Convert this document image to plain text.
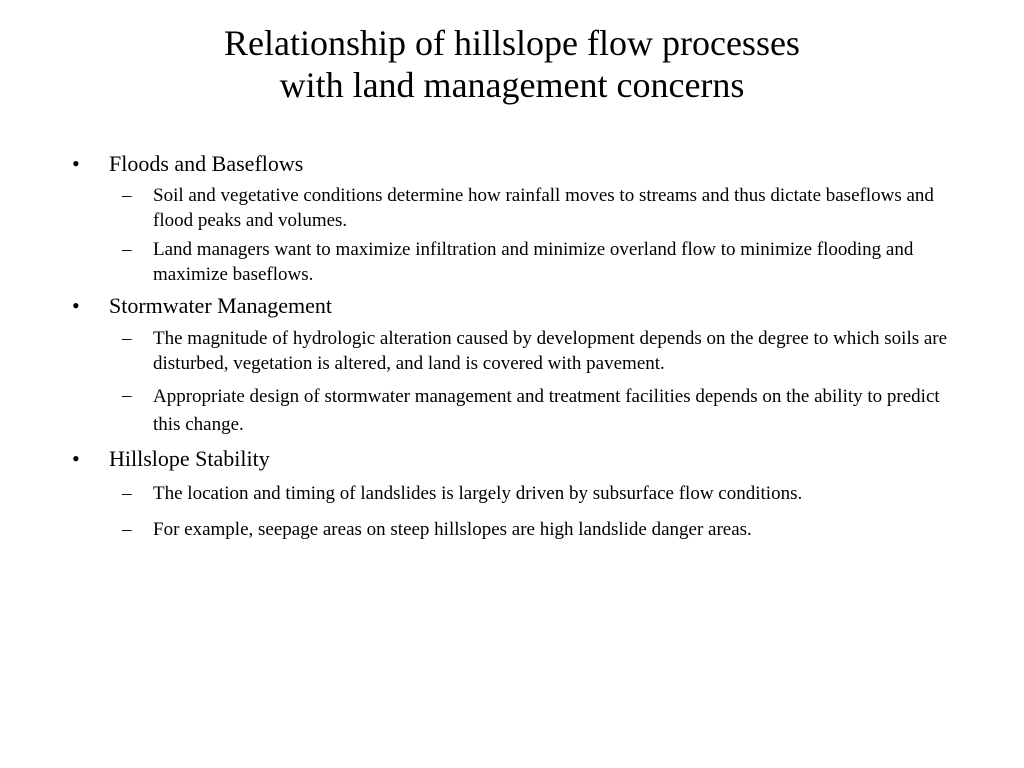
Relationship of hillslope flow processes
with land management concerns
•	Floods and Baseflows
– Soil and vegetative conditions determine how rainfall moves to streams and thus dictate baseflows and flood peaks and volumes.
– Land managers want to maximize infiltration and minimize overland flow to minimize flooding and maximize baseflows.
•	Stormwater Management
– The magnitude of hydrologic alteration caused by development depends on the degree to which soils are disturbed, vegetation is altered, and land is covered with pavement.
– Appropriate design of stormwater management and treatment facilities depends on the ability to predict this change.
•	Hillslope Stability
– The location and timing of landslides is largely driven by subsurface flow conditions.
– For example, seepage areas on steep hillslopes are high landslide danger areas.
